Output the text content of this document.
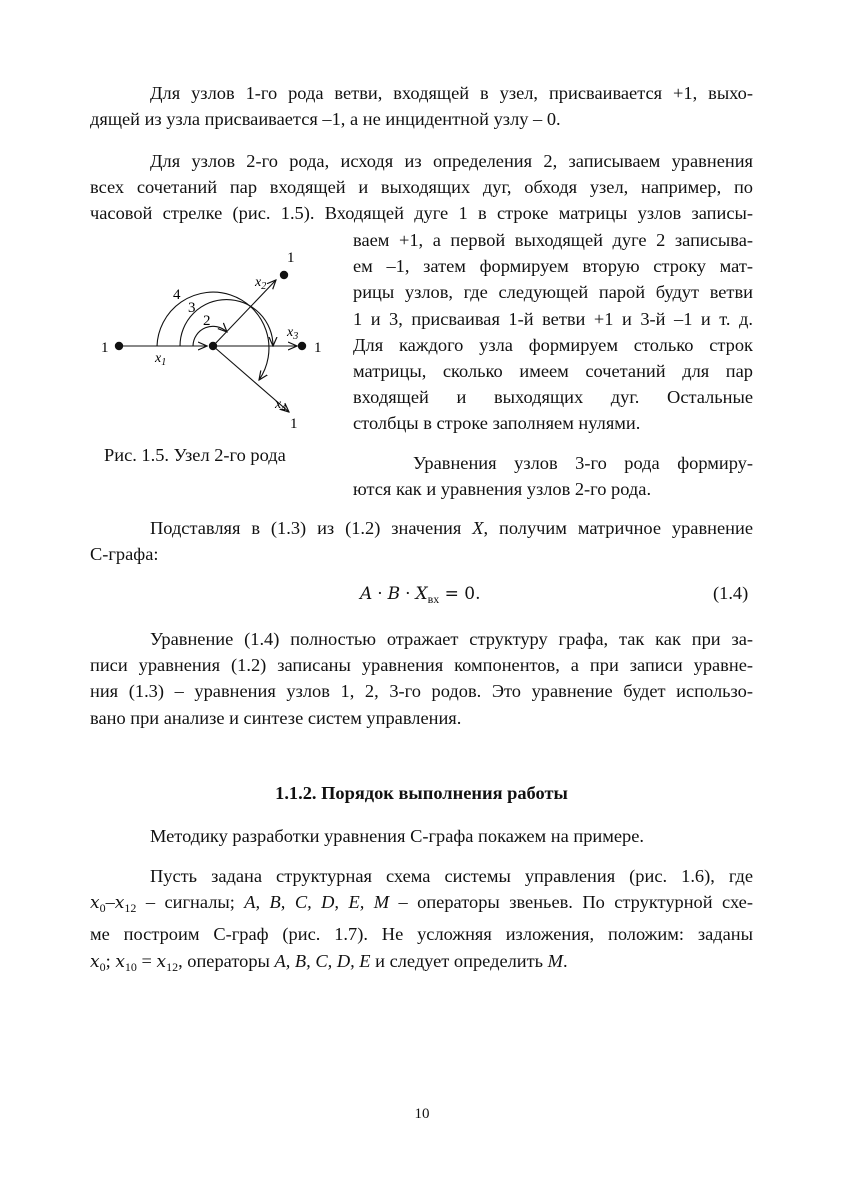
Для узлов 1-го рода ветви, входящей в узел, присваивается +1, выхо-
дящей из узла присваивается –1, а не инцидентной узлу – 0.

Для узлов 2-го рода, исходя из определения 2, записываем уравнения
всех сочетаний пар входящей и выходящих дуг, обходя узел, например, по
часовой стрелке (рис. 1.5). Входящей дуге 1 в строке матрицы узлов записы-

1
$x_1$
$x_2$
$x_3$
$x_4$
1
1
1
4
3
2
Рис. 1.5. Узел 2-го рода
ваем +1, а первой выходящей дуге 2 записыва-
ем –1, затем формируем вторую строку мат-
рицы узлов, где следующей парой будут ветви
1 и 3, присваивая 1-й ветви +1 и 3-й –1 и т. д.
Для каждого узла формируем столько строк
матрицы, сколько имеем сочетаний для пар
входящей и выходящих дуг. Остальные
столбцы в строке заполняем нулями.
Уравнения узлов 3-го рода формиру-
ются как и уравнения узлов 2-го рода.

Подставляя в (1.3) из (1.2) значения X, получим матричное уравнение
С-графа:

$A \cdot B \cdot X_{вх} = 0$.	(1.4)

Уравнение (1.4) полностью отражает структуру графа, так как при за-
писи уравнения (1.2) записаны уравнения компонентов, а при записи уравне-
ния (1.3) – уравнения узлов 1, 2, 3-го родов. Это уравнение будет использо-
вано при анализе и синтезе систем управления.

1.1.2. Порядок выполнения работы

Методику разработки уравнения С-графа покажем на примере.

Пусть задана структурная схема системы управления (рис. 1.6), где
$x_0-x_{12}$ – сигналы; A, B, C, D, E, M – операторы звеньев. По структурной схе-
ме построим С-граф (рис. 1.7). Не усложняя изложения, положим: заданы
$x_0$; $x_{10} = x_{12}$, операторы A, B, C, D, E и следует определить M.

10
